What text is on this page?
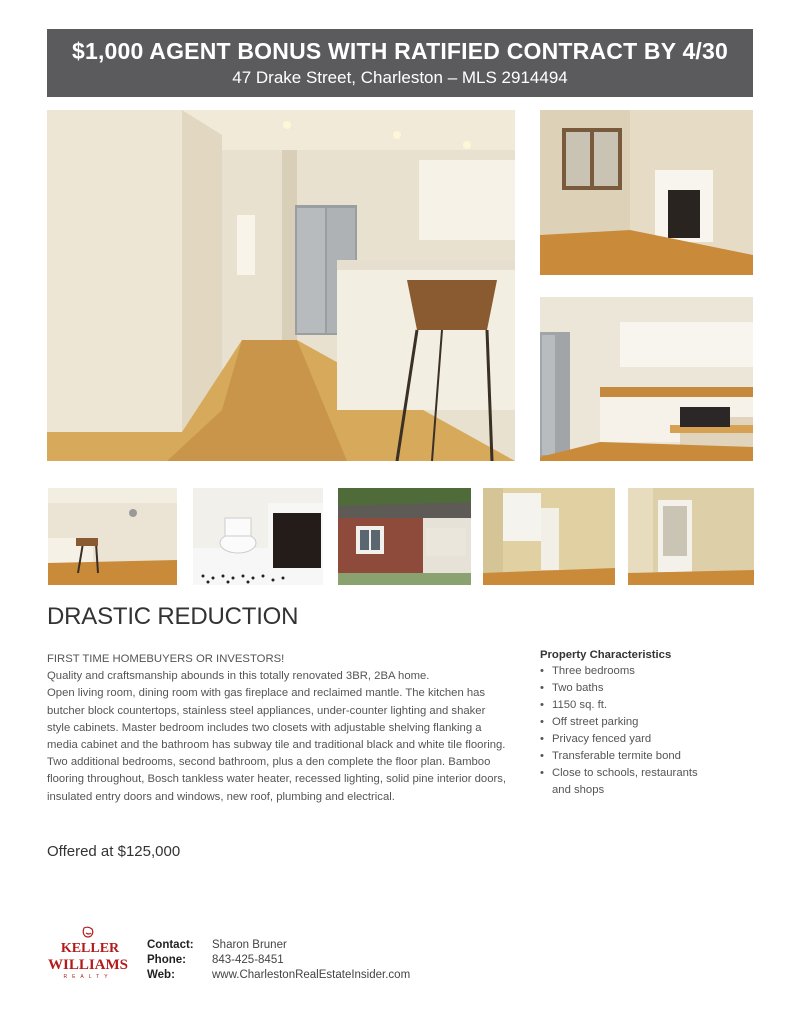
$1,000 AGENT BONUS WITH RATIFIED CONTRACT BY 4/30
47 Drake Street, Charleston – MLS 2914494
DRASTIC REDUCTION

FIRST TIME HOMEBUYERS OR INVESTORS!

Quality and craftsmanship abounds in this totally renovated 3BR, 2BA home.

Open living room, dining room with gas fireplace and reclaimed mantle. The kitchen has

butcher block countertops, stainless steel appliances, under-counter lighting and shaker

style cabinets. Master bedroom includes two closets with adjustable shelving flanking a

media cabinet and the bathroom has subway tile and traditional black and white tile flooring.

Two additional bedrooms, second bathroom, plus a den complete the floor plan. Bamboo

flooring throughout, Bosch tankless water heater, recessed lighting, solid pine interior doors,

insulated entry doors and windows, new roof, plumbing and electrical.

Offered at $125,000
Property Characteristics
• Three bedrooms
• Two baths
• 1150 sq. ft.
• Off street parking
• Privacy fenced yard
• Transferable termite bond
• Close to schools, restaurants and shops
KELLER
WILLIAMS
REALTY
Contact: Sharon Bruner
Phone: 843-425-8451
Web:	www.CharlestonRealEstateInsider.com
